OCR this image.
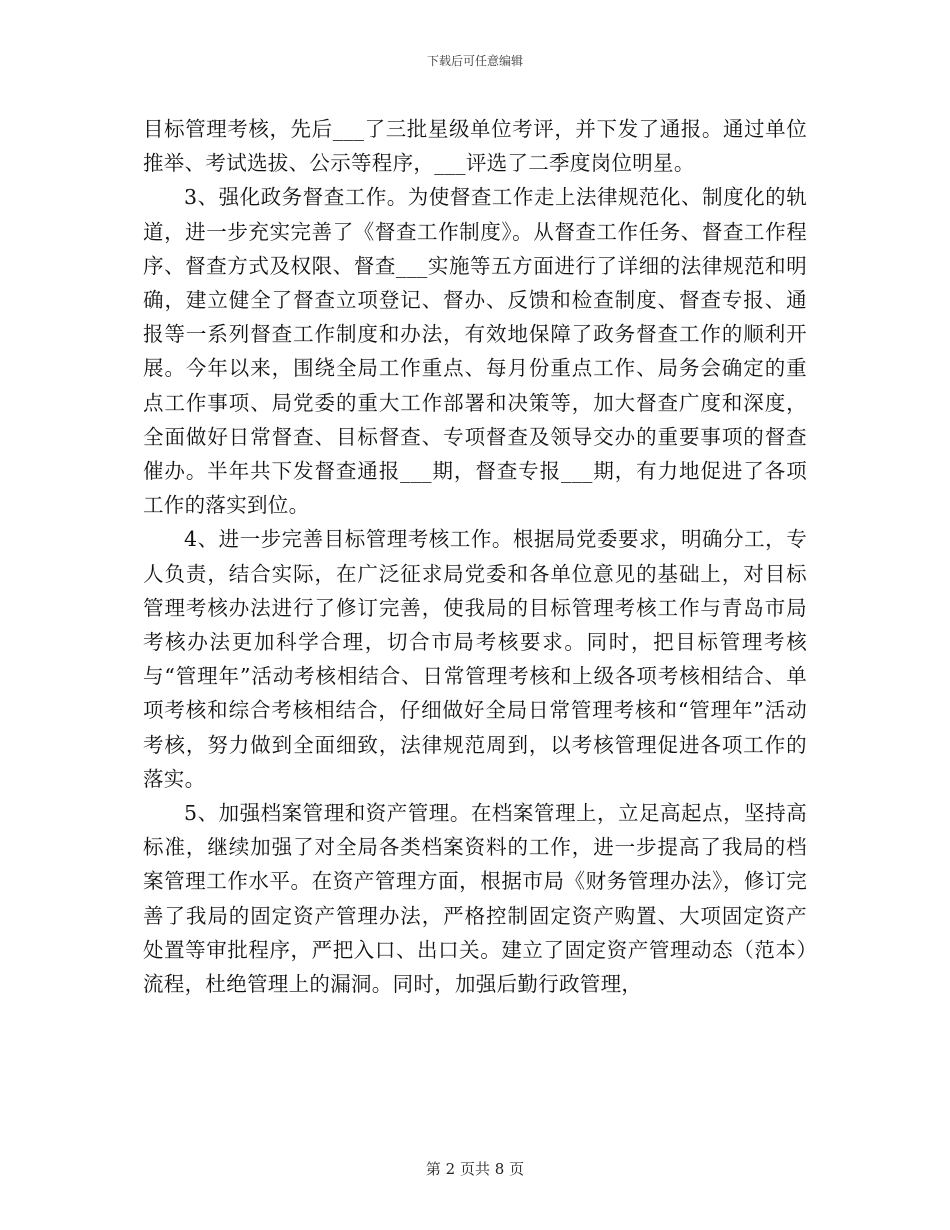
下载后可任意编辑

目标管理考核，先后___了三批星级单位考评，并下发了通报。通过单位推举、考试选拔、公示等程序，___评选了二季度岗位明星。

3、强化政务督查工作。为使督查工作走上法律规范化、制度化的轨道，进一步充实完善了《督查工作制度》。从督查工作任务、督查工作程序、督查方式及权限、督查___实施等五方面进行了详细的法律规范和明确，建立健全了督查立项登记、督办、反馈和检查制度、督查专报、通报等一系列督查工作制度和办法，有效地保障了政务督查工作的顺利开展。今年以来，围绕全局工作重点、每月份重点工作、局务会确定的重点工作事项、局党委的重大工作部署和决策等，加大督查广度和深度，全面做好日常督查、目标督查、专项督查及领导交办的重要事项的督查催办。半年共下发督查通报___期，督查专报___期，有力地促进了各项工作的落实到位。

4、进一步完善目标管理考核工作。根据局党委要求，明确分工，专人负责，结合实际，在广泛征求局党委和各单位意见的基础上，对目标管理考核办法进行了修订完善，使我局的目标管理考核工作与青岛市局考核办法更加科学合理，切合市局考核要求。同时，把目标管理考核与“管理年”活动考核相结合、日常管理考核和上级各项考核相结合、单项考核和综合考核相结合，仔细做好全局日常管理考核和“管理年”活动考核，努力做到全面细致，法律规范周到，以考核管理促进各项工作的落实。

5、加强档案管理和资产管理。在档案管理上，立足高起点，坚持高标准，继续加强了对全局各类档案资料的工作，进一步提高了我局的档案管理工作水平。在资产管理方面，根据市局《财务管理办法》，修订完善了我局的固定资产管理办法，严格控制固定资产购置、大项固定资产处置等审批程序，严把入口、出口关。建立了固定资产管理动态（范本）流程，杜绝管理上的漏洞。同时，加强后勤行政管理，

第 2 页共 8 页
